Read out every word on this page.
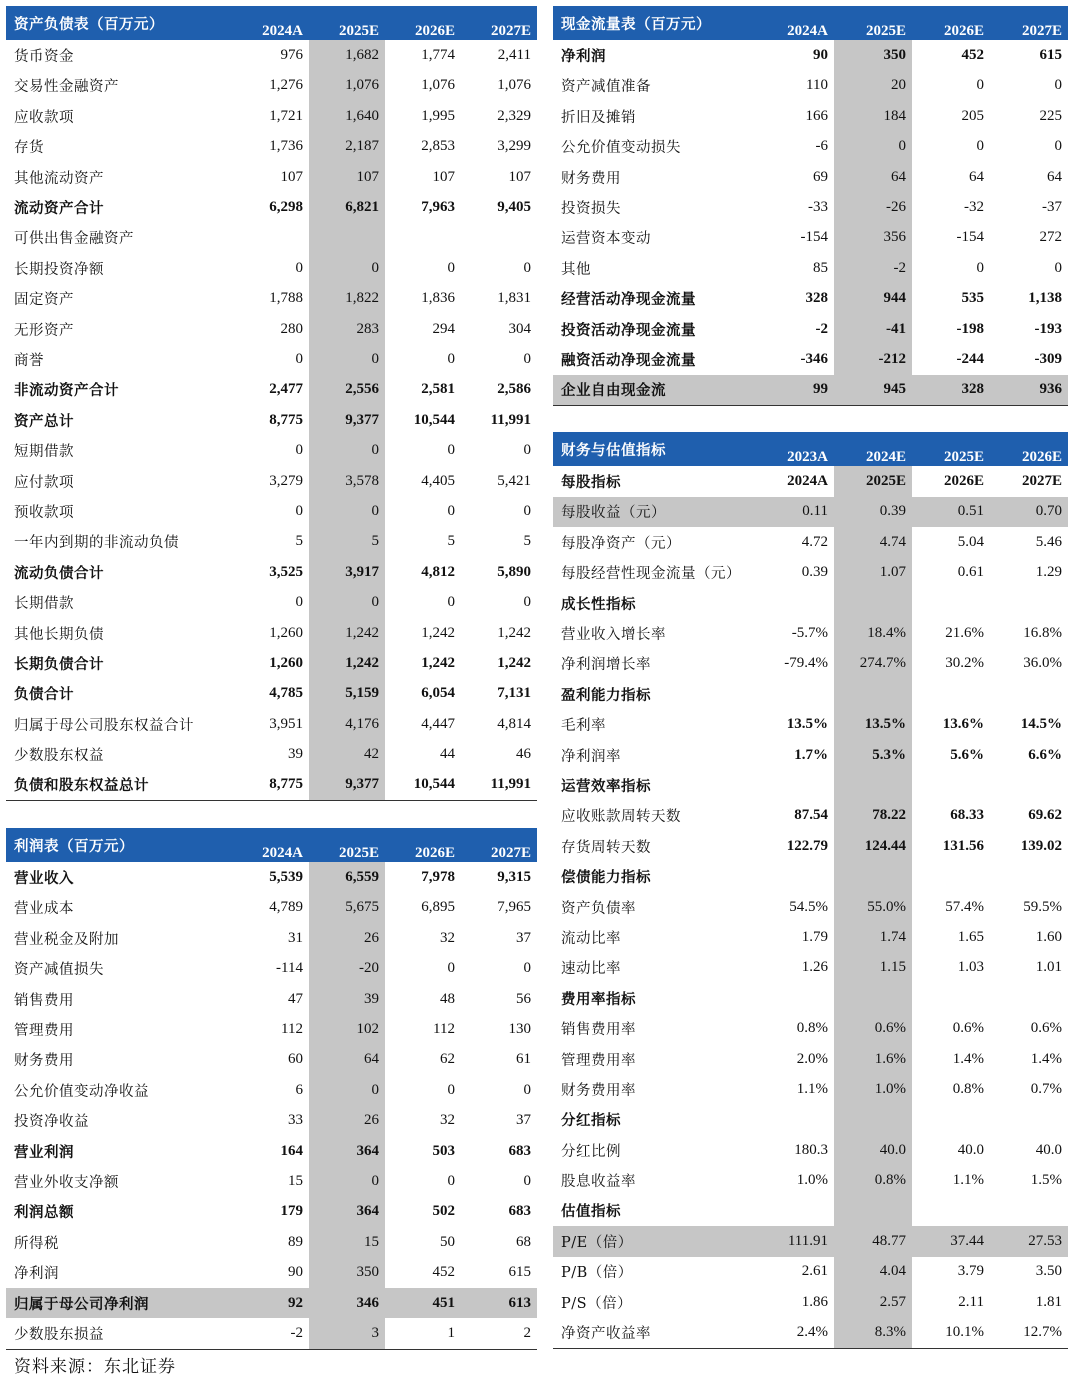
资产负债表（百万元）	2024A	2025E	2026E	2027E
货币资金	976	1,682	1,774	2,411
交易性金融资产	1,276	1,076	1,076	1,076
应收款项	1,721	1,640	1,995	2,329
存货	1,736	2,187	2,853	3,299
其他流动资产	107	107	107	107
流动资产合计	6,298	6,821	7,963	9,405
可供出售金融资产				
长期投资净额	0	0	0	0
固定资产	1,788	1,822	1,836	1,831
无形资产	280	283	294	304
商誉	0	0	0	0
非流动资产合计	2,477	2,556	2,581	2,586
资产总计	8,775	9,377	10,544	11,991
短期借款	0	0	0	0
应付款项	3,279	3,578	4,405	5,421
预收款项	0	0	0	0
一年内到期的非流动负债	5	5	5	5
流动负债合计	3,525	3,917	4,812	5,890
长期借款	0	0	0	0
其他长期负债	1,260	1,242	1,242	1,242
长期负债合计	1,260	1,242	1,242	1,242
负债合计	4,785	5,159	6,054	7,131
归属于母公司股东权益合计	3,951	4,176	4,447	4,814
少数股东权益	39	42	44	46
负债和股东权益总计	8,775	9,377	10,544	11,991
利润表（百万元）	2024A	2025E	2026E	2027E
营业收入	5,539	6,559	7,978	9,315
营业成本	4,789	5,675	6,895	7,965
营业税金及附加	31	26	32	37
资产减值损失	-114	-20	0	0
销售费用	47	39	48	56
管理费用	112	102	112	130
财务费用	60	64	62	61
公允价值变动净收益	6	0	0	0
投资净收益	33	26	32	37
营业利润	164	364	503	683
营业外收支净额	15	0	0	0
利润总额	179	364	502	683
所得税	89	15	50	68
净利润	90	350	452	615
归属于母公司净利润	92	346	451	613
少数股东损益	-2	3	1	2
现金流量表（百万元）	2024A	2025E	2026E	2027E
净利润	90	350	452	615
资产减值准备	110	20	0	0
折旧及摊销	166	184	205	225
公允价值变动损失	-6	0	0	0
财务费用	69	64	64	64
投资损失	-33	-26	-32	-37
运营资本变动	-154	356	-154	272
其他	85	-2	0	0
经营活动净现金流量	328	944	535	1,138
投资活动净现金流量	-2	-41	-198	-193
融资活动净现金流量	-346	-212	-244	-309
企业自由现金流	99	945	328	936
财务与估值指标	2023A	2024E	2025E	2026E
每股指标	2024A	2025E	2026E	2027E
每股收益（元）	0.11	0.39	0.51	0.70
每股净资产（元）	4.72	4.74	5.04	5.46
每股经营性现金流量（元）	0.39	1.07	0.61	1.29
成长性指标				
营业收入增长率	-5.7%	18.4%	21.6%	16.8%
净利润增长率	-79.4%	274.7%	30.2%	36.0%
盈利能力指标				
毛利率	13.5%	13.5%	13.6%	14.5%
净利润率	1.7%	5.3%	5.6%	6.6%
运营效率指标				
应收账款周转天数	87.54	78.22	68.33	69.62
存货周转天数	122.79	124.44	131.56	139.02
偿债能力指标				
资产负债率	54.5%	55.0%	57.4%	59.5%
流动比率	1.79	1.74	1.65	1.60
速动比率	1.26	1.15	1.03	1.01
费用率指标				
销售费用率	0.8%	0.6%	0.6%	0.6%
管理费用率	2.0%	1.6%	1.4%	1.4%
财务费用率	1.1%	1.0%	0.8%	0.7%
分红指标				
分红比例	180.3	40.0	40.0	40.0
股息收益率	1.0%	0.8%	1.1%	1.5%
估值指标				
P/E（倍）	111.91	48.77	37.44	27.53
P/B（倍）	2.61	4.04	3.79	3.50
P/S（倍）	1.86	2.57	2.11	1.81
净资产收益率	2.4%	8.3%	10.1%	12.7%
资料来源：东北证券
